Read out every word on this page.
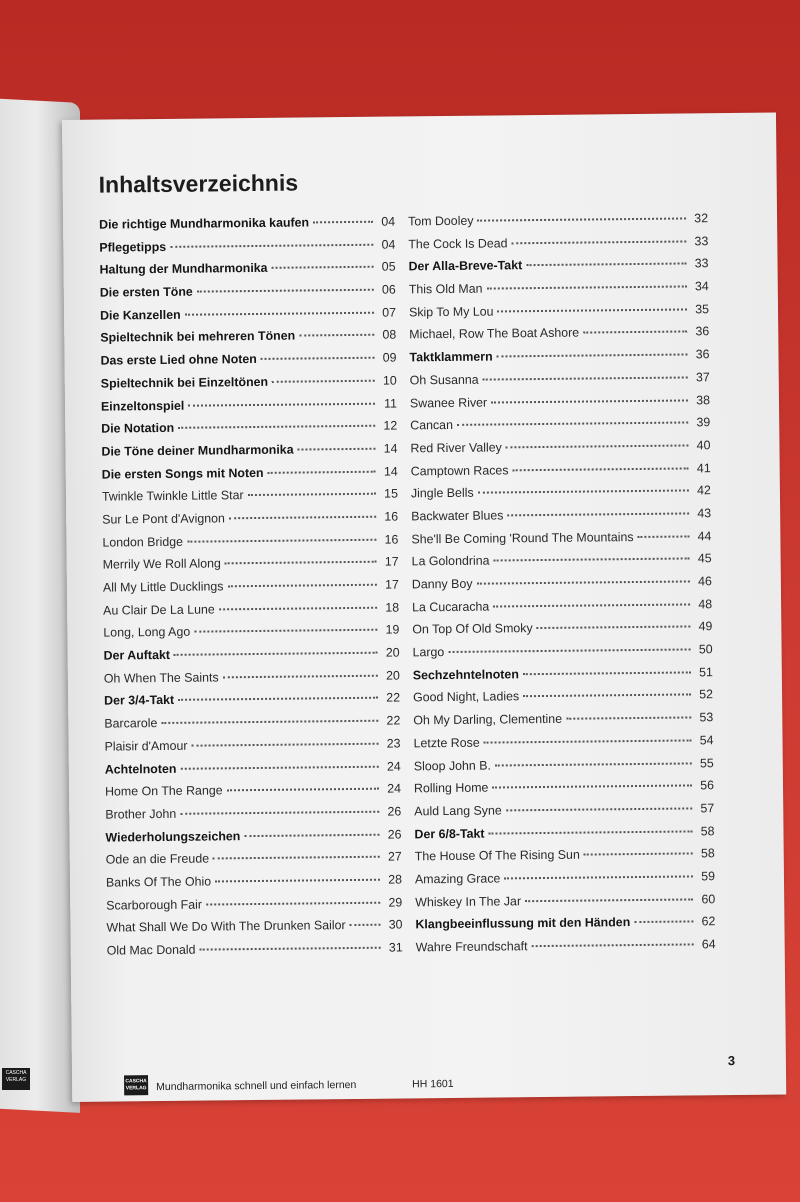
CASCHA VERLAG
Inhaltsverzeichnis
Die richtige Mundharmonika kaufen	04
Pflegetipps	04
Haltung der Mundharmonika	05
Die ersten Töne	06
Die Kanzellen	07
Spieltechnik bei mehreren Tönen	08
Das erste Lied ohne Noten	09
Spieltechnik bei Einzeltönen	10
Einzeltonspiel	11
Die Notation	12
Die Töne deiner Mundharmonika	14
Die ersten Songs mit Noten	14
Twinkle Twinkle Little Star	15
Sur Le Pont d'Avignon	16
London Bridge	16
Merrily We Roll Along	17
All My Little Ducklings	17
Au Clair De La Lune	18
Long, Long Ago	19
Der Auftakt	20
Oh When The Saints	20
Der 3/4-Takt	22
Barcarole	22
Plaisir d'Amour	23
Achtelnoten	24
Home On The Range	24
Brother John	26
Wiederholungszeichen	26
Ode an die Freude	27
Banks Of The Ohio	28
Scarborough Fair	29
What Shall We Do With The Drunken Sailor	30
Old Mac Donald	31
Tom Dooley	32
The Cock Is Dead	33
Der Alla-Breve-Takt	33
This Old Man	34
Skip To My Lou	35
Michael, Row The Boat Ashore	36
Taktklammern	36
Oh Susanna	37
Swanee River	38
Cancan	39
Red River Valley	40
Camptown Races	41
Jingle Bells	42
Backwater Blues	43
She'll Be Coming 'Round The Mountains	44
La Golondrina	45
Danny Boy	46
La Cucaracha	48
On Top Of Old Smoky	49
Largo	50
Sechzehntelnoten	51
Good Night, Ladies	52
Oh My Darling, Clementine	53
Letzte Rose	54
Sloop John B.	55
Rolling Home	56
Auld Lang Syne	57
Der 6/8-Takt	58
The House Of The Rising Sun	58
Amazing Grace	59
Whiskey In The Jar	60
Klangbeeinflussung mit den Händen	62
Wahre Freundschaft	64
CASCHA VERLAG Mundharmonika schnell und einfach lernen	HH 1601
3
